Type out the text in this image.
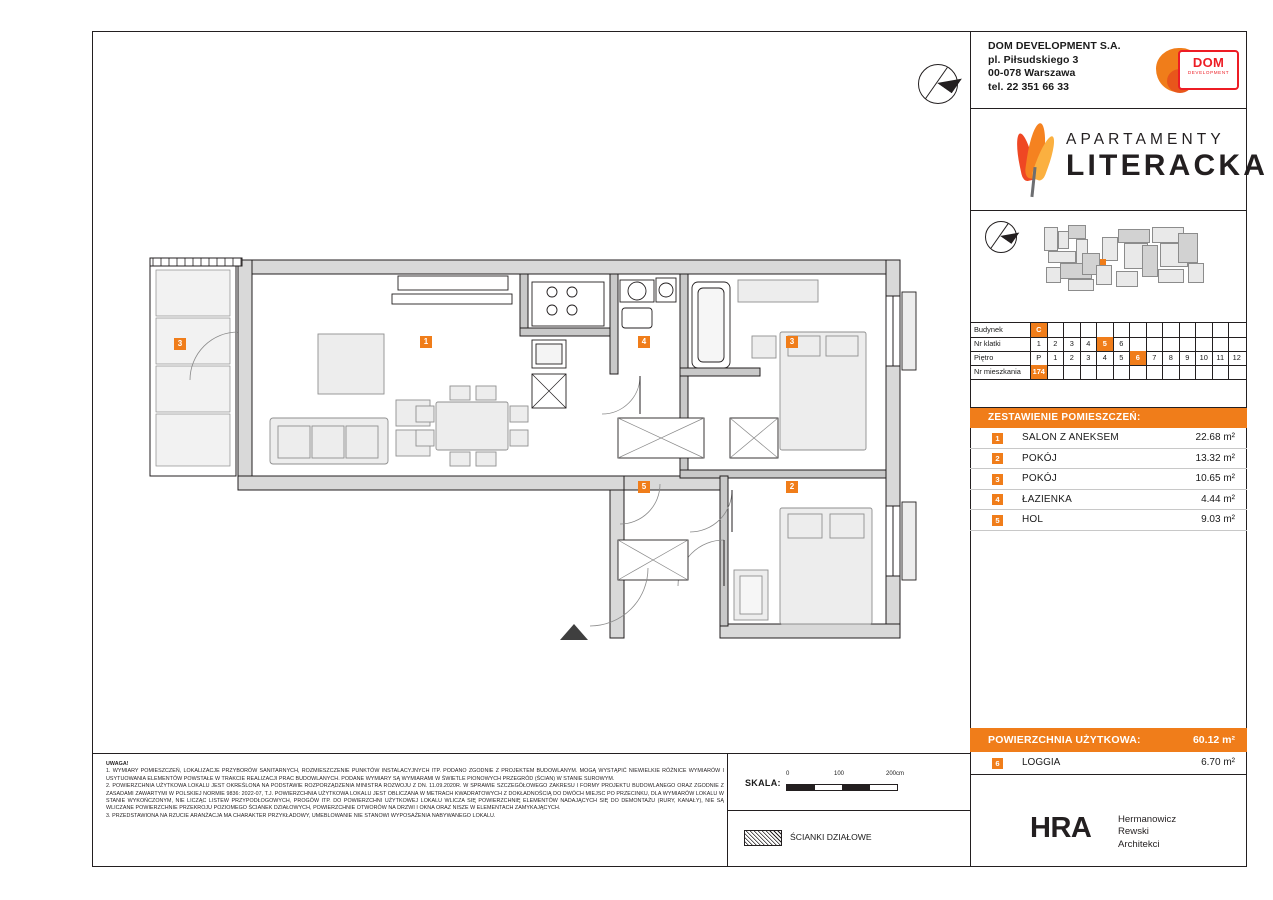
DOM DEVELOPMENT S.A.
pl. Piłsudskiego 3
00-078 Warszawa
tel. 22 351 66 33
DOM
DEVELOPMENT
APARTAMENTY
LITERACKA
Budynek	C
Nr klatki	1	2	3	4	5	6
Piętro	P	1	2	3	4	5	6	7	8	9	10	11	12
Nr mieszkania	174
ZESTAWIENIE POMIESZCZEŃ:
1	SALON Z ANEKSEM	22.68 m²
2	POKÓJ	13.32 m²
3	POKÓJ	10.65 m²
4	ŁAZIENKA	4.44 m²
5	HOL	9.03 m²
POWIERZCHNIA UŻYTKOWA:	60.12 m²
6	LOGGIA	6.70 m²
HRA	Hermanowicz
Rewski
Architekci
UWAGA!
1. WYMIARY POMIESZCZEŃ, LOKALIZACJE PRZYBORÓW SANITARNYCH, ROZMIESZCZENIE PUNKTÓW INSTALACYJNYCH ITP. PODANO ZGODNIE Z PROJEKTEM BUDOWLANYM. MOGĄ WYSTĄPIĆ NIEWIELKIE RÓŻNICE WYMIARÓW I USYTUOWANIA ELEMENTÓW POWSTAŁE W TRAKCIE REALIZACJI PRAC BUDOWLANYCH. PODANE WYMIARY SĄ WYMIARAMI W ŚWIETLE PIONOWYCH PRZEGRÓD (ŚCIAN) W STANIE SUROWYM.
2. POWIERZCHNIA UŻYTKOWA LOKALU JEST OKREŚLONA NA PODSTAWIE ROZPORZĄDZENIA MINISTRA ROZWOJU Z DN. 11.09.2020R. W SPRAWIE SZCZEGÓŁOWEGO ZAKRESU I FORMY PROJEKTU BUDOWLANEGO ORAZ ZGODNIE Z ZASADAMI ZAWARTYMI W POLSKIEJ NORMIE 9836: 2022-07, T.J. POWIERZCHNIA UŻYTKOWA LOKALU JEST OBLICZANA W METRACH KWADRATOWYCH Z DOKŁADNOŚCIĄ DO DWÓCH MIEJSC PO PRZECINKU, DLA WYMIARÓW LOKALU W STANIE WYKOŃCZONYM, NIE LICZĄC LISTEW PRZYPODŁOGOWYCH, PROGÓW ITP. DO POWIERZCHNI UŻYTKOWEJ LOKALU WLICZA SIĘ POWIERZCHNIĘ ELEMENTÓW NADAJĄCYCH SIĘ DO DEMONTAŻU (RURY, KANAŁY), NIE SĄ WLICZANE POWIERZCHNIE PRZEKROJU POZIOMEGO ŚCIANEK DZIAŁOWYCH, POWIERZCHNIE OTWORÓW NA DRZWI I OKNA ORAZ NISZE W ELEMENTACH ZAMYKAJĄCYCH.
3. PRZEDSTAWIONA NA RZUCIE ARANŻACJA MA CHARAKTER PRZYKŁADOWY, UMEBLOWANIE NIE STANOWI WYPOSAŻENIA NABYWANEGO LOKALU.
SKALA:
0	100	200cm
ŚCIANKI DZIAŁOWE
3	1	4	3
5	2
